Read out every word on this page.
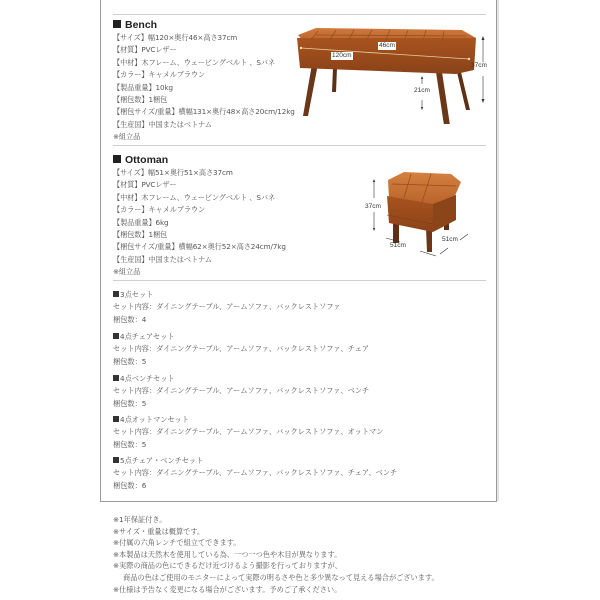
Bench
【サイズ】幅120×奥行46×高さ37cm
【材質】PVCレザー
【中材】木フレーム、ウェービングベルト 、Sバネ
【カラー】キャメルブラウン
【製品重量】10kg
【梱包数】1梱包
【梱包サイズ/重量】横幅131×奥行48×高さ20cm/12kg
【生産国】中国またはベトナム
※組立品
46cm
120cm
37cm
21cm
Ottoman
【サイズ】幅51×奥行51×高さ37cm
【材質】PVCレザー
【中材】木フレーム、ウェービングベルト 、Sバネ
【カラー】キャメルブラウン
【製品重量】6kg
【梱包数】1梱包
【梱包サイズ/重量】横幅62×奥行52×高さ24cm/7kg
【生産国】中国またはベトナム
※組立品
37cm
51cm
51cm
3点セット
セット内容：ダイニングテーブル、アームソファ、バックレストソファ
梱包数：4
4点チェアセット
セット内容：ダイニングテーブル、アームソファ、バックレストソファ、チェア
梱包数：5
4点ベンチセット
セット内容：ダイニングテーブル、アームソファ、バックレストソファ、ベンチ
梱包数：5
4点オットマンセット
セット内容：ダイニングテーブル、アームソファ、バックレストソファ、オットマン
梱包数：5
5点チェア・ベンチセット
セット内容：ダイニングテーブル、アームソファ、バックレストソファ、チェア、ベンチ
梱包数：6
※1年保証付き。
※サイズ・重量は概算です。
※付属の六角レンチで組立てできます。
※本製品は天然木を使用している為、一つ一つ色や木目が異なります。
※実際の商品の色にできるだけ近づけるよう撮影を行っておりますが、
商品の色はご使用のモニターによって実際の明るさや色と多少異なって見える場合がございます。
※仕様は予告なく変更になる場合がございます。予めご了承ください。
